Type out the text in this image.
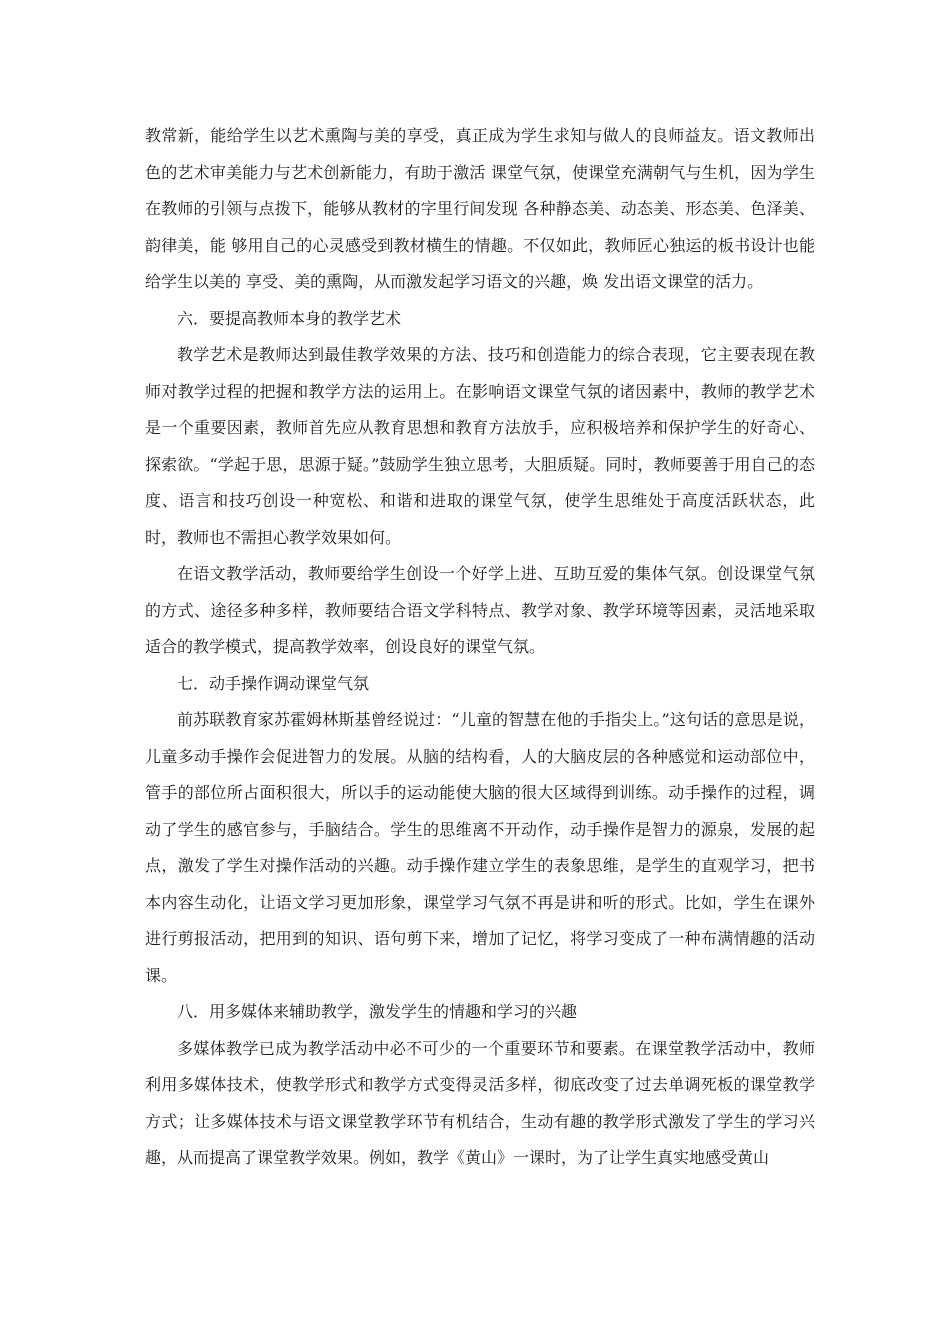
教常新，能给学生以艺术熏陶与美的享受，真正成为学生求知与做人的良师益友。语文教师出 色的艺术审美能力与艺术创新能力，有助于激活 课堂气氛，使课堂充满朝气与生机，因为学生在教师的引领与点拨下，能够从教材的字里行间发现 各种静态美、动态美、形态美、色泽美、韵律美，能 够用自己的心灵感受到教材横生的情趣。不仅如此，教师匠心独运的板书设计也能给学生以美的 享受、美的熏陶，从而激发起学习语文的兴趣，焕 发出语文课堂的活力。

六．要提高教师本身的教学艺术

教学艺术是教师达到最佳教学效果的方法、技巧和创造能力的综合表现，它主要表现在教师对教学过程的把握和教学方法的运用上。在影响语文课堂气氛的诸因素中，教师的教学艺术是一个重要因素，教师首先应从教育思想和教育方法放手，应积极培养和保护学生的好奇心、探索欲。“学起于思，思源于疑。”鼓励学生独立思考，大胆质疑。同时，教师要善于用自己的态度、语言和技巧创设一种宽松、和谐和进取的课堂气氛，使学生思维处于高度活跃状态，此时，教师也不需担心教学效果如何。

在语文教学活动，教师要给学生创设一个好学上进、互助互爱的集体气氛。创设课堂气氛的方式、途径多种多样，教师要结合语文学科特点、教学对象、教学环境等因素，灵活地采取适合的教学模式，提高教学效率，创设良好的课堂气氛。

七．动手操作调动课堂气氛

前苏联教育家苏霍姆林斯基曾经说过：“儿童的智慧在他的手指尖上。”这句话的意思是说，儿童多动手操作会促进智力的发展。从脑的结构看，人的大脑皮层的各种感觉和运动部位中，管手的部位所占面积很大，所以手的运动能使大脑的很大区域得到训练。动手操作的过程，调动了学生的感官参与，手脑结合。学生的思维离不开动作，动手操作是智力的源泉，发展的起点，激发了学生对操作活动的兴趣。动手操作建立学生的表象思维，是学生的直观学习，把书本内容生动化，让语文学习更加形象，课堂学习气氛不再是讲和听的形式。比如，学生在课外进行剪报活动，把用到的知识、语句剪下来，增加了记忆，将学习变成了一种布满情趣的活动课。

八．用多媒体来辅助教学，激发学生的情趣和学习的兴趣

多媒体教学已成为教学活动中必不可少的一个重要环节和要素。在课堂教学活动中，教师利用多媒体技术，使教学形式和教学方式变得灵活多样，彻底改变了过去单调死板的课堂教学方式；让多媒体技术与语文课堂教学环节有机结合，生动有趣的教学形式激发了学生的学习兴趣，从而提高了课堂教学效果。例如，教学《黄山》一课时，为了让学生真实地感受黄山
